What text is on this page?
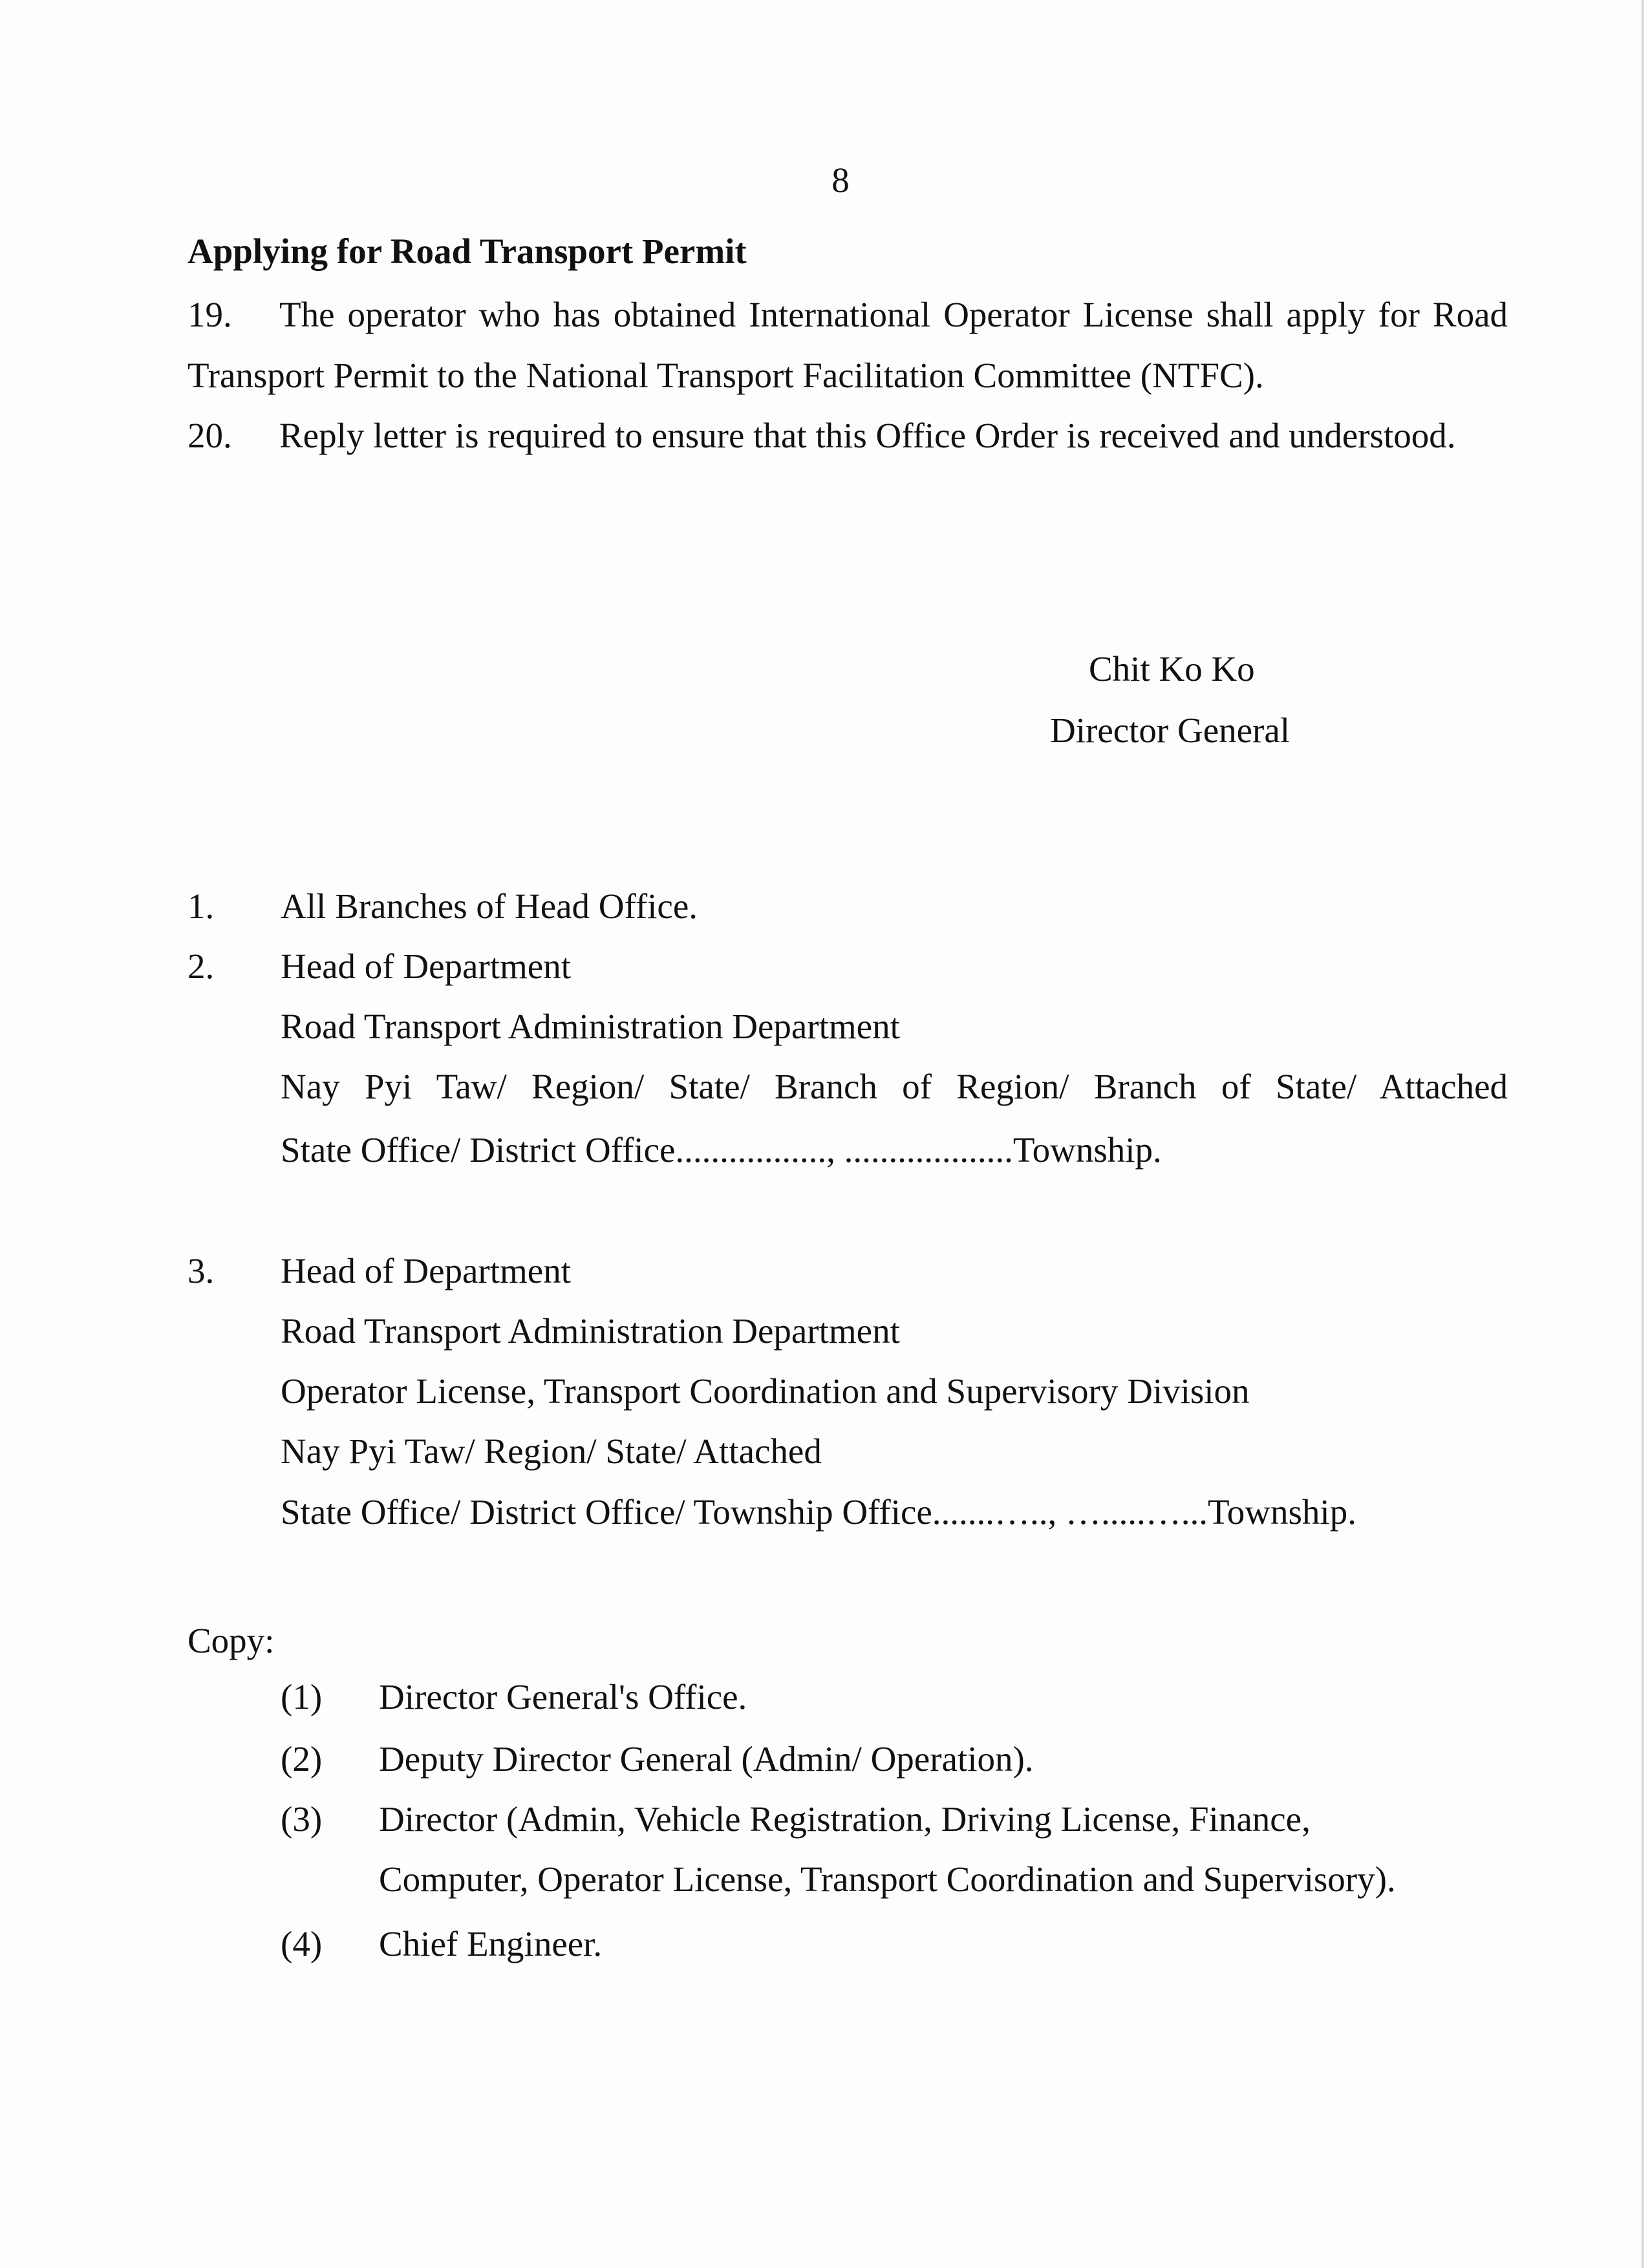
8
Applying for Road Transport Permit
19. The operator who has obtained International Operator License shall apply for Road Transport Permit to the National Transport Facilitation Committee (NTFC).
20. Reply letter is required to ensure that this Office Order is received and understood.
Chit Ko Ko
Director General
1. All Branches of Head Office.
2. Head of Department
Road Transport Administration Department
Nay Pyi Taw/ Region/ State/ Branch of Region/ Branch of State/ Attached
State Office/ District Office................., ...................Township.
3. Head of Department
Road Transport Administration Department
Operator License, Transport Coordination and Supervisory Division
Nay Pyi Taw/ Region/ State/ Attached
State Office/ District Office/ Township Office.......….., ….....…...Township.
Copy:
(1) Director General's Office.
(2) Deputy Director General (Admin/ Operation).
(3) Director (Admin, Vehicle Registration, Driving License, Finance,
Computer, Operator License, Transport Coordination and Supervisory).
(4) Chief Engineer.
